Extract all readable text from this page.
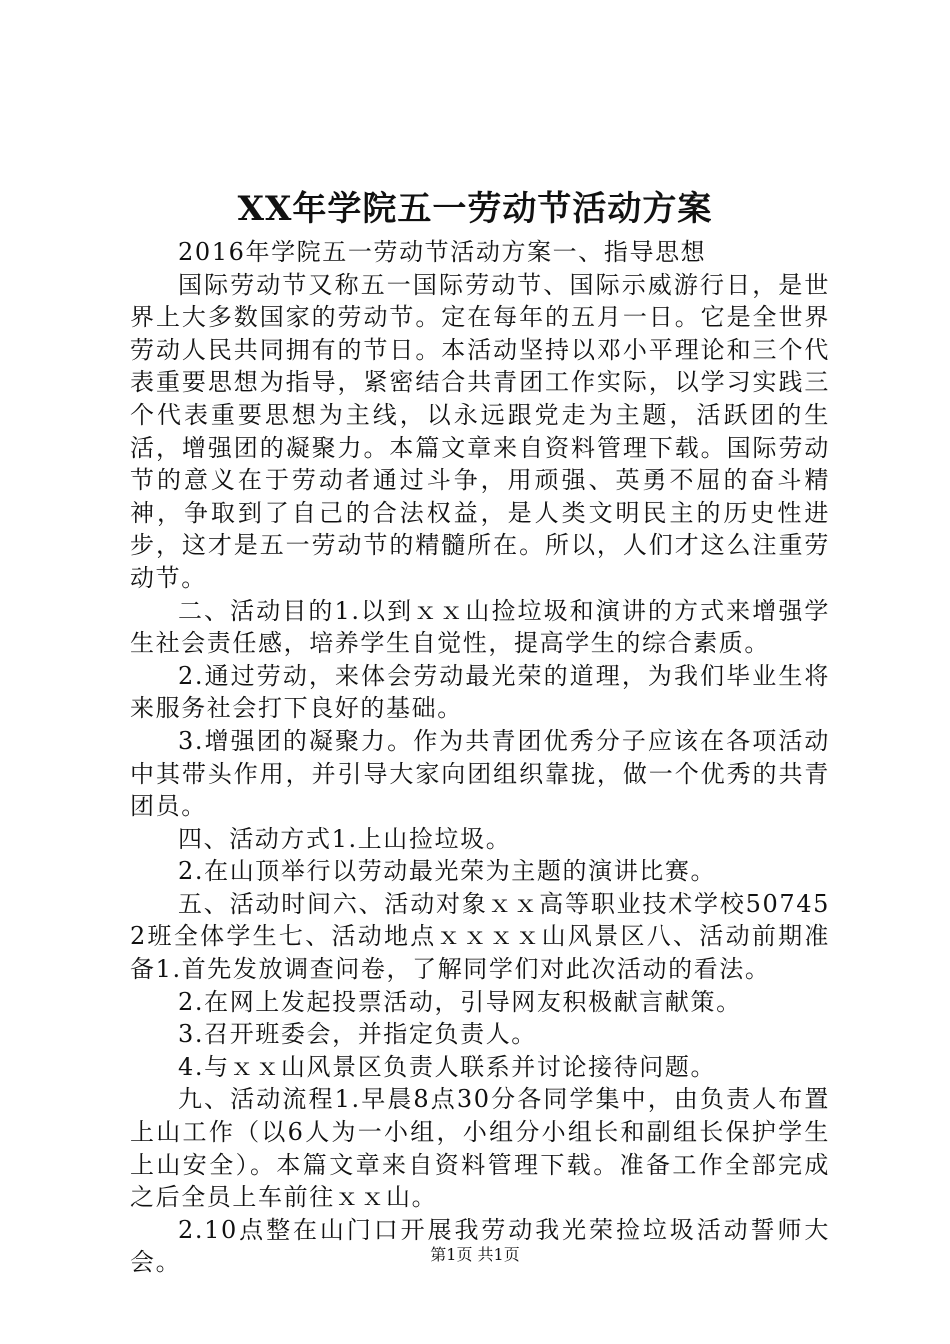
XX年学院五一劳动节活动方案

2016年学院五一劳动节活动方案一、指导思想

国际劳动节又称五一国际劳动节、国际示威游行日，是世界上大多数国家的劳动节。定在每年的五月一日。它是全世界劳动人民共同拥有的节日。本活动坚持以邓小平理论和三个代表重要思想为指导，紧密结合共青团工作实际，以学习实践三个代表重要思想为主线，以永远跟党走为主题，活跃团的生活，增强团的凝聚力。本篇文章来自资料管理下载。国际劳动节的意义在于劳动者通过斗争，用顽强、英勇不屈的奋斗精神，争取到了自己的合法权益，是人类文明民主的历史性进步，这才是五一劳动节的精髓所在。所以，人们才这么注重劳动节。

二、活动目的1.以到ｘｘ山捡垃圾和演讲的方式来增强学生社会责任感，培养学生自觉性，提高学生的综合素质。

2.通过劳动，来体会劳动最光荣的道理，为我们毕业生将来服务社会打下良好的基础。

3.增强团的凝聚力。作为共青团优秀分子应该在各项活动中其带头作用，并引导大家向团组织靠拢，做一个优秀的共青团员。

四、活动方式1.上山捡垃圾。

2.在山顶举行以劳动最光荣为主题的演讲比赛。

五、活动时间六、活动对象ｘｘ高等职业技术学校507452班全体学生七、活动地点ｘｘｘｘ山风景区八、活动前期准备1.首先发放调查问卷，了解同学们对此次活动的看法。

2.在网上发起投票活动，引导网友积极献言献策。

3.召开班委会，并指定负责人。

4.与ｘｘ山风景区负责人联系并讨论接待问题。

九、活动流程1.早晨8点30分各同学集中，由负责人布置上山工作（以6人为一小组，小组分小组长和副组长保护学生上山安全）。本篇文章来自资料管理下载。准备工作全部完成之后全员上车前往ｘｘ山。

2.10点整在山门口开展我劳动我光荣捡垃圾活动誓师大会。	第1页 共1页
